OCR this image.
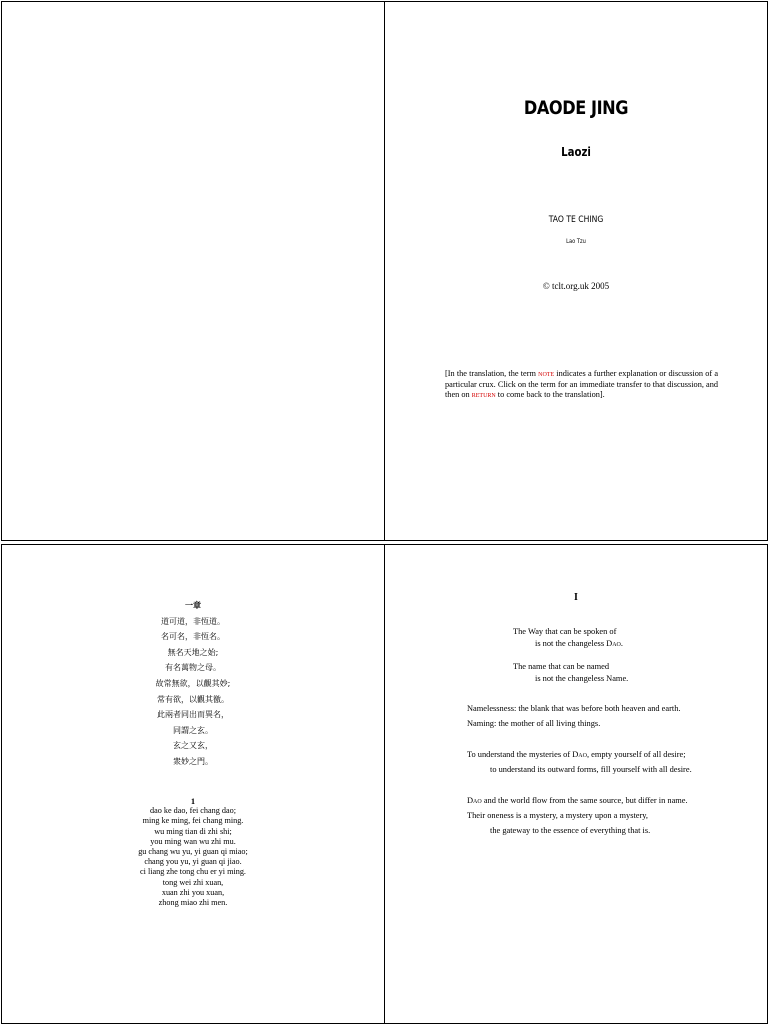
DAODE JING
Laozi
TAO TE CHING
Lao Tzu
© tclt.org.uk 2005
[In the translation, the term note indicates a further explanation or discussion of a particular crux. Click on the term for an immediate transfer to that discussion, and then on return to come back to the translation].
一章
道可道，非恆道。
名可名，非恆名。
無名天地之始;
有名萬物之母。
故常無欲，以觀其妙;
常有欲，以觀其徼。
此兩者同出而異名，
同謂之玄。
玄之又玄，
衆妙之門。
1
dao ke dao, fei chang dao;
ming ke ming, fei chang ming.
wu ming tian di zhi shi;
you ming wan wu zhi mu.
gu chang wu yu, yi guan qi miao;
chang you yu, yi guan qi jiao.
ci liang zhe tong chu er yi ming.
tong wei zhi xuan,
xuan zhi you xuan,
zhong miao zhi men.
I
The Way that can be spoken of
is not the changeless Dao.
The name that can be named
is not the changeless Name.
Namelessness: the blank that was before both heaven and earth.
Naming: the mother of all living things.
To understand the mysteries of Dao, empty yourself of all desire;
to understand its outward forms, fill yourself with all desire.
Dao and the world flow from the same source, but differ in name.
Their oneness is a mystery, a mystery upon a mystery,
the gateway to the essence of everything that is.
